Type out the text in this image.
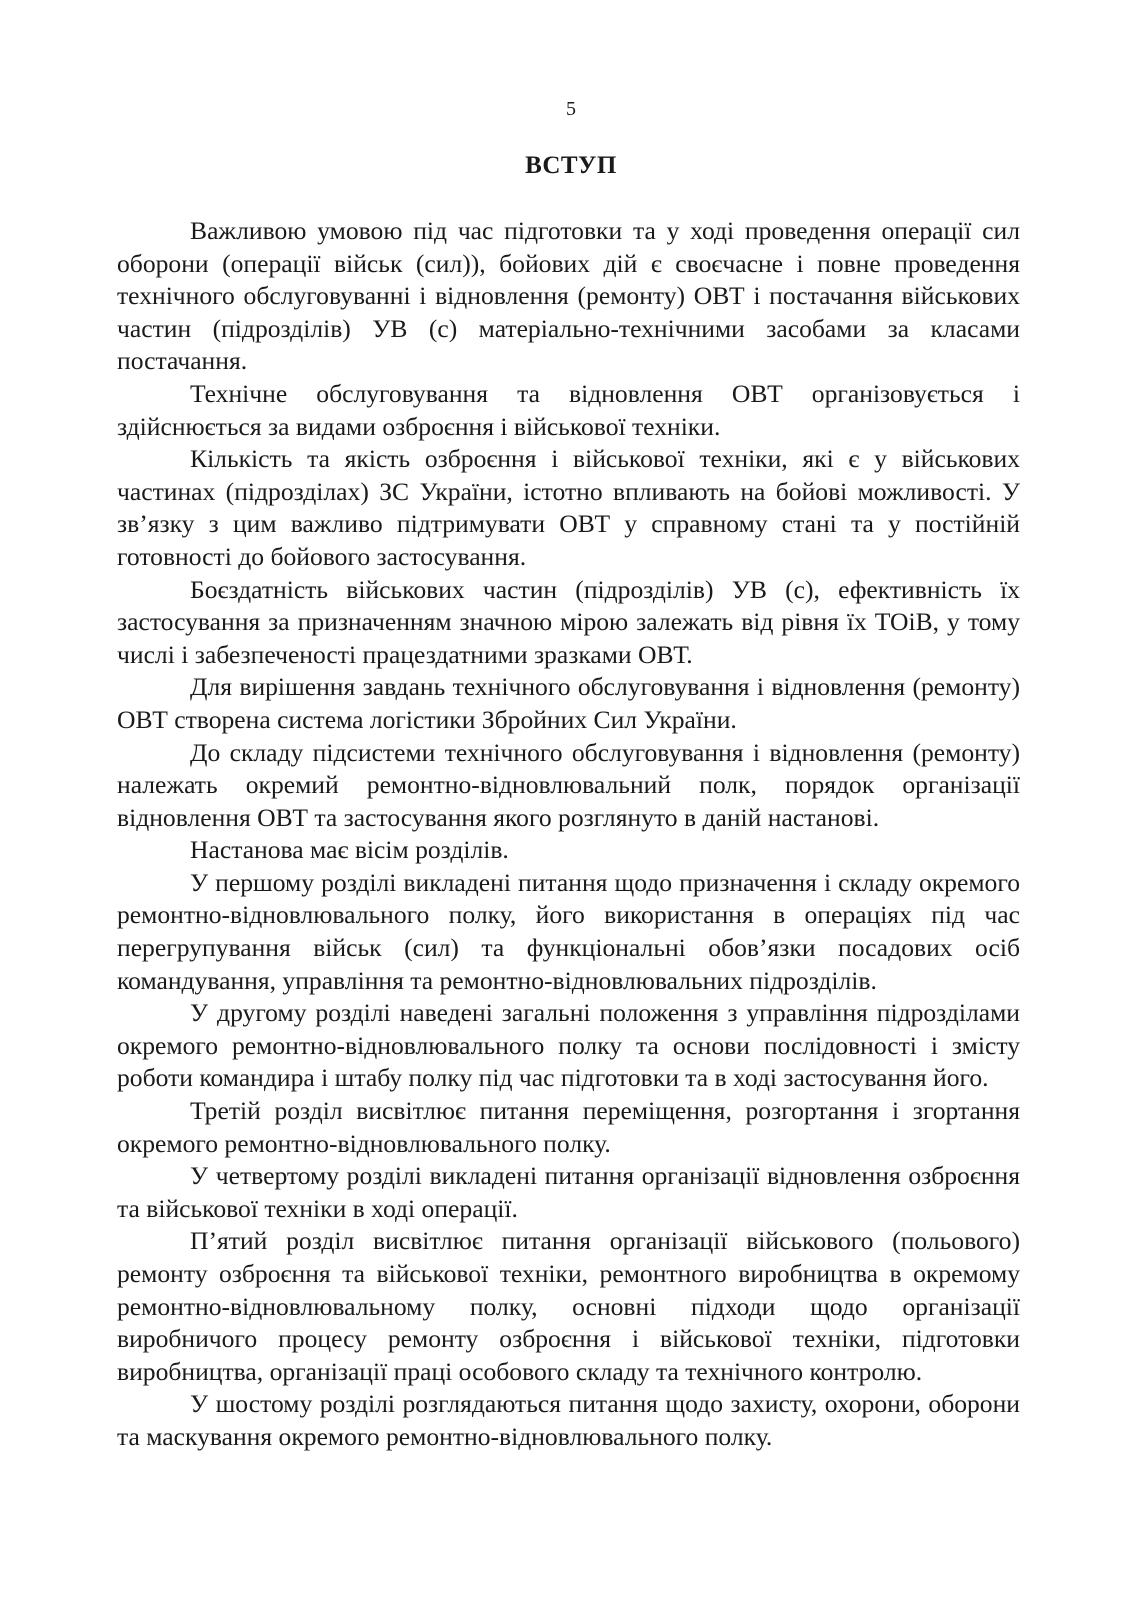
5
ВСТУП

Важливою умовою під час підготовки та у ході проведення операції сил оборони (операції військ (сил)), бойових дій є своєчасне і повне проведення технічного обслуговуванні і відновлення (ремонту) ОВТ і постачання військових частин (підрозділів) УВ (с) матеріально-технічними засобами за класами постачання.

Технічне обслуговування та відновлення ОВТ організовується і здійснюється за видами озброєння і військової техніки.

Кількість та якість озброєння і військової техніки, які є у військових частинах (підрозділах) ЗС України, істотно впливають на бойові можливості. У зв’язку з цим важливо підтримувати ОВТ у справному стані та у постійній готовності до бойового застосування.

Боєздатність військових частин (підрозділів) УВ (с), ефективність їх застосування за призначенням значною мірою залежать від рівня їх ТОіВ, у тому числі і забезпеченості працездатними зразками ОВТ.

Для вирішення завдань технічного обслуговування і відновлення (ремонту) ОВТ створена система логістики Збройних Сил України.

До складу підсистеми технічного обслуговування і відновлення (ремонту) належать окремий ремонтно-відновлювальний полк, порядок організації відновлення ОВТ та застосування якого розглянуто в даній настанові.

Настанова має вісім розділів.

У першому розділі викладені питання щодо призначення і складу окремого ремонтно-відновлювального полку, його використання в операціях під час перегрупування військ (сил) та функціональні обов’язки посадових осіб командування, управління та ремонтно-відновлювальних підрозділів.

У другому розділі наведені загальні положення з управління підрозділами окремого ремонтно-відновлювального полку та основи послідовності і змісту роботи командира і штабу полку під час підготовки та в ході застосування його.

Третій розділ висвітлює питання переміщення, розгортання і згортання окремого ремонтно-відновлювального полку.

У четвертому розділі викладені питання організації відновлення озброєння та військової техніки в ході операції.

П’ятий розділ висвітлює питання організації військового (польового) ремонту озброєння та військової техніки, ремонтного виробництва в окремому ремонтно-відновлювальному полку, основні підходи щодо організації виробничого процесу ремонту озброєння і військової техніки, підготовки виробництва, організації праці особового складу та технічного контролю.

У шостому розділі розглядаються питання щодо захисту, охорони, оборони та маскування окремого ремонтно-відновлювального полку.
